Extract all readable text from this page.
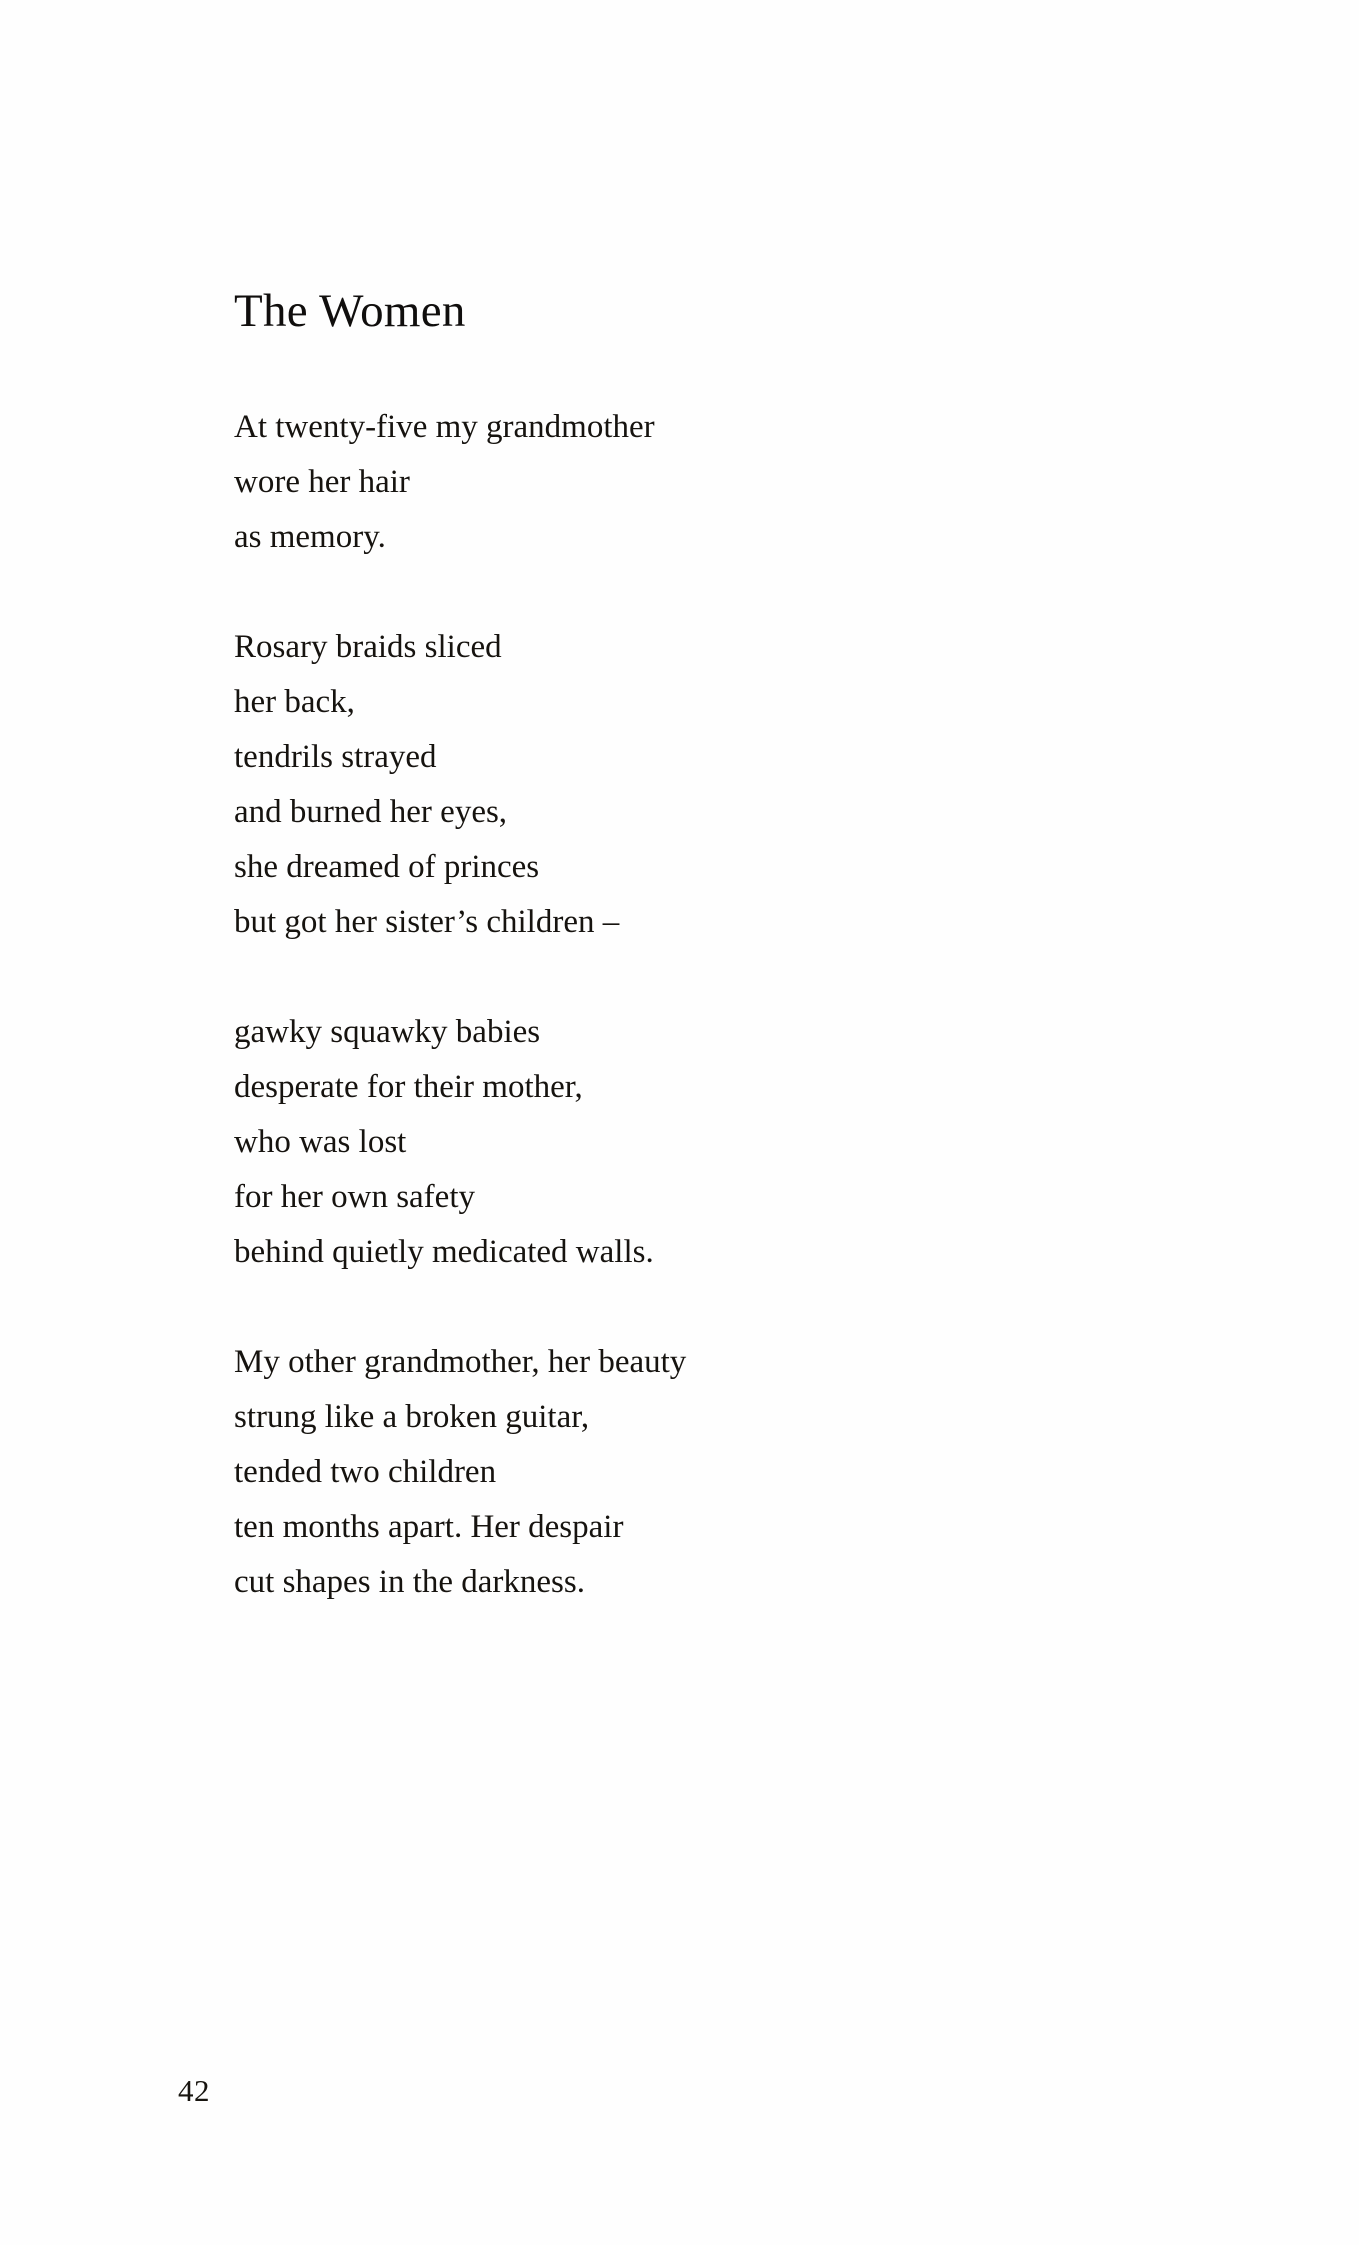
The Women
At twenty-five my grandmother
wore her hair
as memory.
Rosary braids sliced
her back,
tendrils strayed
and burned her eyes,
she dreamed of princes
but got her sister’s children –
gawky squawky babies
desperate for their mother,
who was lost
for her own safety
behind quietly medicated walls.
My other grandmother, her beauty
strung like a broken guitar,
tended two children
ten months apart. Her despair
cut shapes in the darkness.
42
